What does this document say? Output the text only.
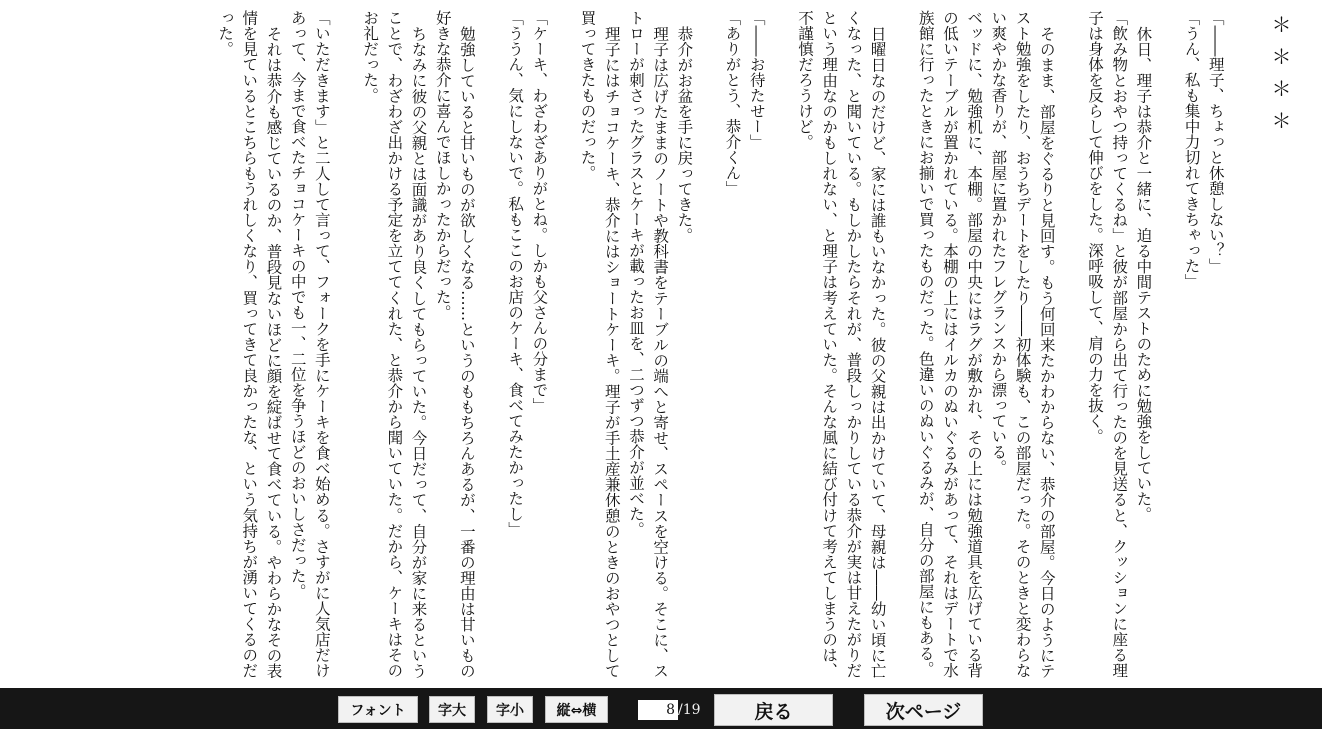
＊＊＊＊

「――理子、ちょっと休憩しない？」

「うん、私も集中力切れてきちゃった」

休日、理子は恭介と一緒に、迫る中間テストのために勉強をしていた。

「飲み物とおやつ持ってくるね」と彼が部屋から出て行ったのを見送ると、クッションに座る理子は身体を反らして伸びをした。深呼吸して、肩の力を抜く。

そのまま、部屋をぐるりと見回す。もう何回来たかわからない、恭介の部屋。今日のようにテスト勉強をしたり、おうちデートをしたり――初体験も、この部屋だった。そのときと変わらない爽やかな香りが、部屋に置かれたフレグランスから漂っている。

ベッドに、勉強机に、本棚。部屋の中央にはラグが敷かれ、その上には勉強道具を広げている背の低いテーブルが置かれている。本棚の上にはイルカのぬいぐるみがあって、それはデートで水族館に行ったときにお揃いで買ったものだった。色違いのぬいぐるみが、自分の部屋にもある。

日曜日なのだけど、家には誰もいなかった。彼の父親は出かけていて、母親は――幼い頃に亡くなった、と聞いている。もしかしたらそれが、普段しっかりしている恭介が実は甘えたがりだという理由なのかもしれない、と理子は考えていた。そんな風に結び付けて考えてしまうのは、不謹慎だろうけど。

「――お待たせー」

「ありがとう、恭介くん」

恭介がお盆を手に戻ってきた。

理子は広げたままのノートや教科書をテーブルの端へと寄せ、スペースを空ける。そこに、ストローが刺さったグラスとケーキが載ったお皿を、二つずつ恭介が並べた。

理子にはチョコケーキ、恭介にはショートケーキ。理子が手土産兼休憩のときのおやつとして買ってきたものだった。

「ケーキ、わざわざありがとね。しかも父さんの分まで」

「ううん、気にしないで。私もここのお店のケーキ、食べてみたかったし」

勉強していると甘いものが欲しくなる……というのももちろんあるが、一番の理由は甘いもの好きな恭介に喜んでほしかったからだった。

ちなみに彼の父親とは面識があり良くしてもらっていた。今日だって、自分が家に来るということで、わざわざ出かける予定を立ててくれた、と恭介から聞いていた。だから、ケーキはそのお礼だった。

「いただきます」と二人して言って、フォークを手にケーキを食べ始める。さすがに人気店だけあって、今まで食べたチョコケーキの中でも一、二位を争うほどのおいしさだった。

それは恭介も感じているのか、普段見ないほどに顔を綻ばせて食べている。やわらかなその表情を見ているとこちらもうれしくなり、買ってきて良かったな、という気持ちが湧いてくるのだった。

フォント	字大	字小	縦⇔横	8 /19	戻る	次ページ
